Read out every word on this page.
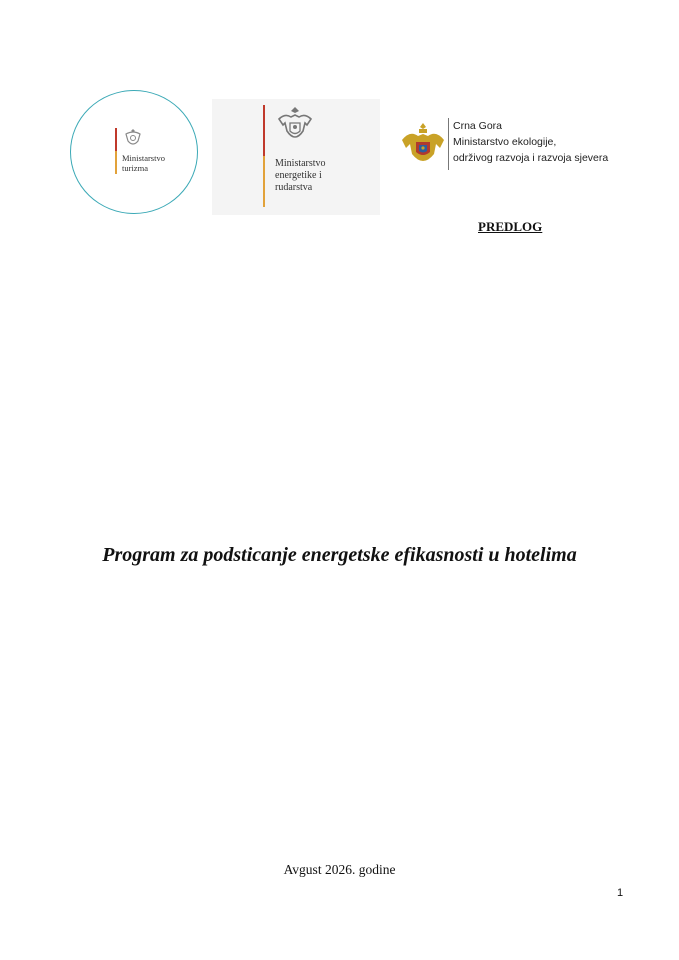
Ministarstvo
turizma	Ministarstvo
energetike i
rudarstva
Crna Gora
Ministarstvo ekologije,
održivog razvoja i razvoja sjevera
PREDLOG
Program za podsticanje energetske efikasnosti u hotelima
Avgust 2026. godine
1
